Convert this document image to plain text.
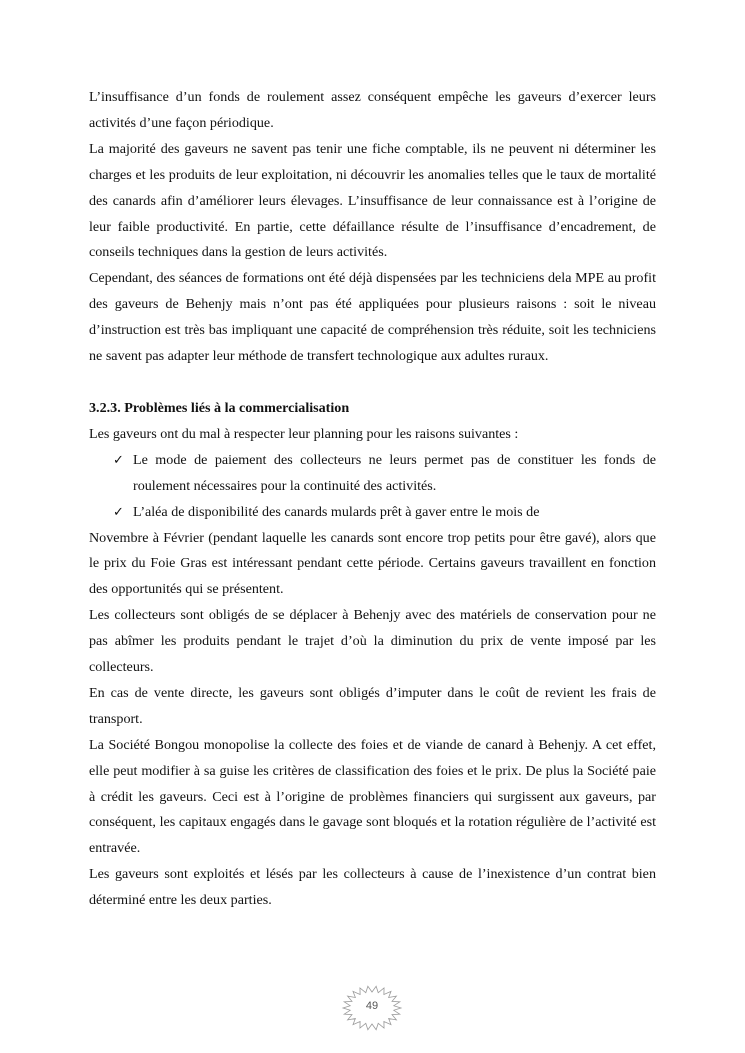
L’insuffisance d’un fonds de roulement assez conséquent empêche les gaveurs d’exercer leurs activités d’une façon périodique.

La majorité des gaveurs ne savent pas tenir une fiche comptable, ils ne peuvent ni déterminer les charges et les produits de leur exploitation, ni découvrir les anomalies telles que le taux de mortalité des canards afin d’améliorer leurs élevages. L’insuffisance de leur connaissance est à l’origine de leur faible productivité. En partie, cette défaillance résulte de l’insuffisance d’encadrement, de conseils techniques dans la gestion de leurs activités.

Cependant, des séances de formations ont été déjà dispensées par les techniciens dela MPE au profit des gaveurs de Behenjy mais n’ont pas été appliquées pour plusieurs raisons : soit le niveau d’instruction est très bas impliquant une capacité de compréhension très réduite, soit les techniciens ne savent pas adapter leur méthode de transfert technologique aux adultes ruraux.

3.2.3. Problèmes liés à la commercialisation

Les gaveurs ont du mal à respecter leur planning pour les raisons suivantes :

✓ Le mode de paiement des collecteurs ne leurs permet pas de constituer les fonds de roulement nécessaires pour la continuité des activités.
✓ L’aléa de disponibilité des canards mulards prêt à gaver entre le mois de

Novembre à Février (pendant laquelle les canards sont encore trop petits pour être gavé), alors que le prix du Foie Gras est intéressant pendant cette période. Certains gaveurs travaillent en fonction des opportunités qui se présentent.

Les collecteurs sont obligés de se déplacer à Behenjy avec des matériels de conservation pour ne pas abîmer les produits pendant le trajet d’où la diminution du prix de vente imposé par les collecteurs.

En cas de vente directe, les gaveurs sont obligés d’imputer dans le coût de revient les frais de transport.

La Société Bongou monopolise la collecte des foies et de viande de canard à Behenjy. A cet effet, elle peut modifier à sa guise les critères de classification des foies et le prix. De plus la Société paie à crédit les gaveurs. Ceci est à l’origine de problèmes financiers qui surgissent aux gaveurs, par conséquent, les capitaux engagés dans le gavage sont bloqués et la rotation régulière de l’activité est entravée.

Les gaveurs sont exploités et lésés par les collecteurs à cause de l’inexistence d’un contrat bien déterminé entre les deux parties.

49
